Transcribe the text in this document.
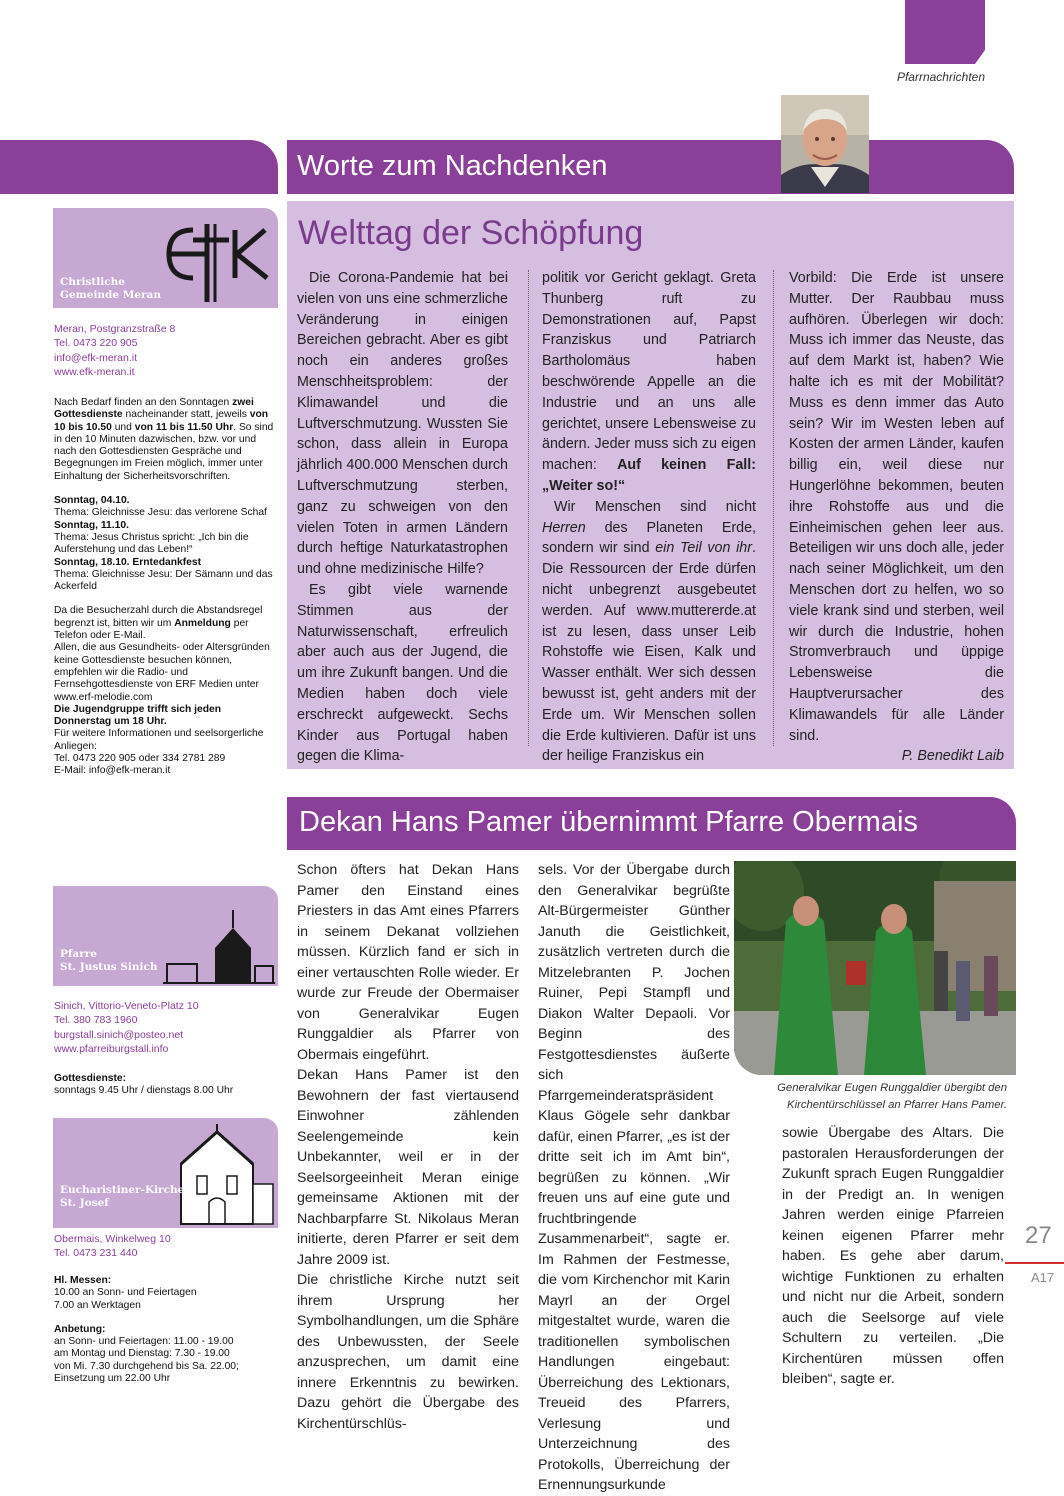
Pfarrnachrichten
Worte zum Nachdenken
Welttag der Schöpfung

Die Corona-Pandemie hat bei vielen von uns eine schmerzliche Veränderung in einigen Bereichen gebracht. Aber es gibt noch ein anderes großes Menschheitsproblem: der Klimawandel und die Luftverschmutzung. Wussten Sie schon, dass allein in Europa jährlich 400.000 Menschen durch Luftverschmutzung sterben, ganz zu schweigen von den vielen Toten in armen Ländern durch heftige Naturkatastrophen und ohne medizinische Hilfe?

Es gibt viele warnende Stimmen aus der Naturwissenschaft, erfreulich aber auch aus der Jugend, die um ihre Zukunft bangen. Und die Medien haben doch viele erschreckt aufgeweckt. Sechs Kinder aus Portugal haben gegen die Klima-

politik vor Gericht geklagt. Greta Thunberg ruft zu Demonstrationen auf, Papst Franziskus und Patriarch Bartholomäus haben beschwörende Appelle an die Industrie und an uns alle gerichtet, unsere Lebensweise zu ändern. Jeder muss sich zu eigen machen: Auf keinen Fall: „Weiter so!“

Wir Menschen sind nicht Herren des Planeten Erde, sondern wir sind ein Teil von ihr. Die Ressourcen der Erde dürfen nicht unbegrenzt ausgebeutet werden. Auf www.muttererde.at ist zu lesen, dass unser Leib Rohstoffe wie Eisen, Kalk und Wasser enthält. Wer sich dessen bewusst ist, geht anders mit der Erde um. Wir Menschen sollen die Erde kultivieren. Dafür ist uns der heilige Franziskus ein

Vorbild: Die Erde ist unsere Mutter. Der Raubbau muss aufhören. Überlegen wir doch: Muss ich immer das Neuste, das auf dem Markt ist, haben? Wie halte ich es mit der Mobilität? Muss es denn immer das Auto sein? Wir im Westen leben auf Kosten der armen Länder, kaufen billig ein, weil diese nur Hungerlöhne bekommen, beuten ihre Rohstoffe aus und die Einheimischen gehen leer aus. Beteiligen wir uns doch alle, jeder nach seiner Möglichkeit, um den Menschen dort zu helfen, wo so viele krank sind und sterben, weil wir durch die Industrie, hohen Stromverbrauch und üppige Lebensweise die Hauptverursacher des Klimawandels für alle Länder sind.

P. Benedikt Laib

Dekan Hans Pamer übernimmt Pfarre Obermais

Schon öfters hat Dekan Hans Pamer den Einstand eines Priesters in das Amt eines Pfarrers in seinem Dekanat vollziehen müssen. Kürzlich fand er sich in einer vertauschten Rolle wieder. Er wurde zur Freude der Obermaiser von Generalvikar Eugen Runggaldier als Pfarrer von Obermais eingeführt.

Dekan Hans Pamer ist den Bewohnern der fast viertausend Einwohner zählenden Seelengemeinde kein Unbekannter, weil er in der Seelsorgeeinheit Meran einige gemeinsame Aktionen mit der Nachbarpfarre St. Nikolaus Meran initierte, deren Pfarrer er seit dem Jahre 2009 ist.

Die christliche Kirche nutzt seit ihrem Ursprung her Symbolhandlungen, um die Sphäre des Unbewussten, der Seele anzusprechen, um damit eine innere Erkenntnis zu bewirken. Dazu gehört die Übergabe des Kirchentürschlüs-

sels. Vor der Übergabe durch den Generalvikar begrüßte Alt-Bürgermeister Günther Januth die Geistlichkeit, zusätzlich vertreten durch die Mitzelebranten P. Jochen Ruiner, Pepi Stampfl und Diakon Walter Depaoli. Vor Beginn des Festgottesdienstes äußerte sich Pfarrgemeinderatspräsident Klaus Gögele sehr dankbar dafür, einen Pfarrer, „es ist der dritte seit ich im Amt bin“, begrüßen zu können. „Wir freuen uns auf eine gute und fruchtbringende Zusammenarbeit“, sagte er. Im Rahmen der Festmesse, die vom Kirchenchor mit Karin Mayrl an der Orgel mitgestaltet wurde, waren die traditionellen symbolischen Handlungen eingebaut: Überreichung des Lektionars, Treueid des Pfarrers, Verlesung und Unterzeichnung des Protokolls, Überreichung der Ernennungsurkunde

sowie Übergabe des Altars. Die pastoralen Herausforderungen der Zukunft sprach Eugen Runggaldier in der Predigt an. In wenigen Jahren werden einige Pfarreien keinen eigenen Pfarrer mehr haben. Es gehe aber darum, wichtige Funktionen zu erhalten und nicht nur die Arbeit, sondern auch die Seelsorge auf viele Schultern zu verteilen. „Die Kirchentüren müssen offen bleiben“, sagte er.

Generalvikar Eugen Runggaldier übergibt den Kirchentürschlüssel an Pfarrer Hans Pamer.
Christliche
Gemeinde Meran
Meran, Postgranzstraße 8
Tel. 0473 220 905
info@efk-meran.it
www.efk-meran.it

Nach Bedarf finden an den Sonntagen zwei Gottesdienste nacheinander statt, jeweils von 10 bis 10.50 und von 11 bis 11.50 Uhr. So sind in den 10 Minuten dazwischen, bzw. vor und nach den Gottesdiensten Gespräche und Begegnungen im Freien möglich, immer unter Einhaltung der Sicherheitsvorschriften.

Sonntag, 04.10.

Thema: Gleichnisse Jesu: das verlorene Schaf

Sonntag, 11.10.

Thema: Jesus Christus spricht: „Ich bin die Auferstehung und das Leben!“

Sonntag, 18.10. Erntedankfest

Thema: Gleichnisse Jesu: Der Sämann und das Ackerfeld

Da die Besucherzahl durch die Abstandsregel begrenzt ist, bitten wir um Anmeldung per Telefon oder E-Mail.

Allen, die aus Gesundheits- oder Altersgründen keine Gottesdienste besuchen können, empfehlen wir die Radio- und Fernsehgottesdienste von ERF Medien unter www.erf-melodie.com

Die Jugendgruppe trifft sich jeden Donnerstag um 18 Uhr.

Für weitere Informationen und seelsorgerliche Anliegen:

Tel. 0473 220 905 oder 334 2781 289

E-Mail: info@efk-meran.it

Pfarre
St. Justus Sinich
Sinich, Vittorio-Veneto-Platz 10
Tel. 380 783 1960
burgstall.sinich@posteo.net
www.pfarreiburgstall.info

Gottesdienste:

sonntags 9.45 Uhr / dienstags 8.00 Uhr

Eucharistiner-Kirche
St. Josef
Obermais, Winkelweg 10
Tel. 0473 231 440

Hl. Messen:

10.00 an Sonn- und Feiertagen

7.00 an Werktagen

Anbetung:

an Sonn- und Feiertagen: 11.00 - 19.00

am Montag und Dienstag: 7.30 - 19.00

von Mi. 7.30 durchgehend bis Sa. 22.00;

Einsetzung um 22.00 Uhr

27
A17
